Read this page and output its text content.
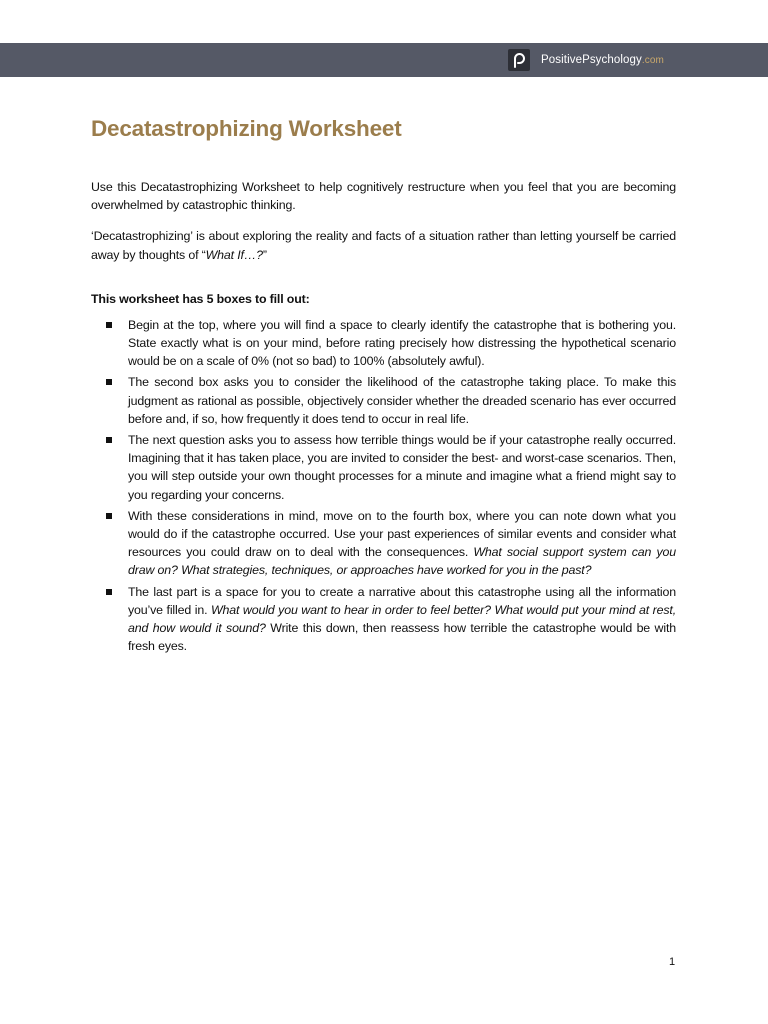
PositivePsychology.com
Decatastrophizing Worksheet

Use this Decatastrophizing Worksheet to help cognitively restructure when you feel that you are becoming overwhelmed by catastrophic thinking.

‘Decatastrophizing’ is about exploring the reality and facts of a situation rather than letting yourself be carried away by thoughts of “What If…?”

This worksheet has 5 boxes to fill out:

Begin at the top, where you will find a space to clearly identify the catastrophe that is bothering you. State exactly what is on your mind, before rating precisely how distressing the hypothetical scenario would be on a scale of 0% (not so bad) to 100% (absolutely awful).
The second box asks you to consider the likelihood of the catastrophe taking place. To make this judgment as rational as possible, objectively consider whether the dreaded scenario has ever occurred before and, if so, how frequently it does tend to occur in real life.
The next question asks you to assess how terrible things would be if your catastrophe really occurred. Imagining that it has taken place, you are invited to consider the best- and worst-case scenarios. Then, you will step outside your own thought processes for a minute and imagine what a friend might say to you regarding your concerns.
With these considerations in mind, move on to the fourth box, where you can note down what you would do if the catastrophe occurred. Use your past experiences of similar events and consider what resources you could draw on to deal with the consequences. What social support system can you draw on? What strategies, techniques, or approaches have worked for you in the past?
The last part is a space for you to create a narrative about this catastrophe using all the information you’ve filled in. What would you want to hear in order to feel better? What would put your mind at rest, and how would it sound? Write this down, then reassess how terrible the catastrophe would be with fresh eyes.
1
